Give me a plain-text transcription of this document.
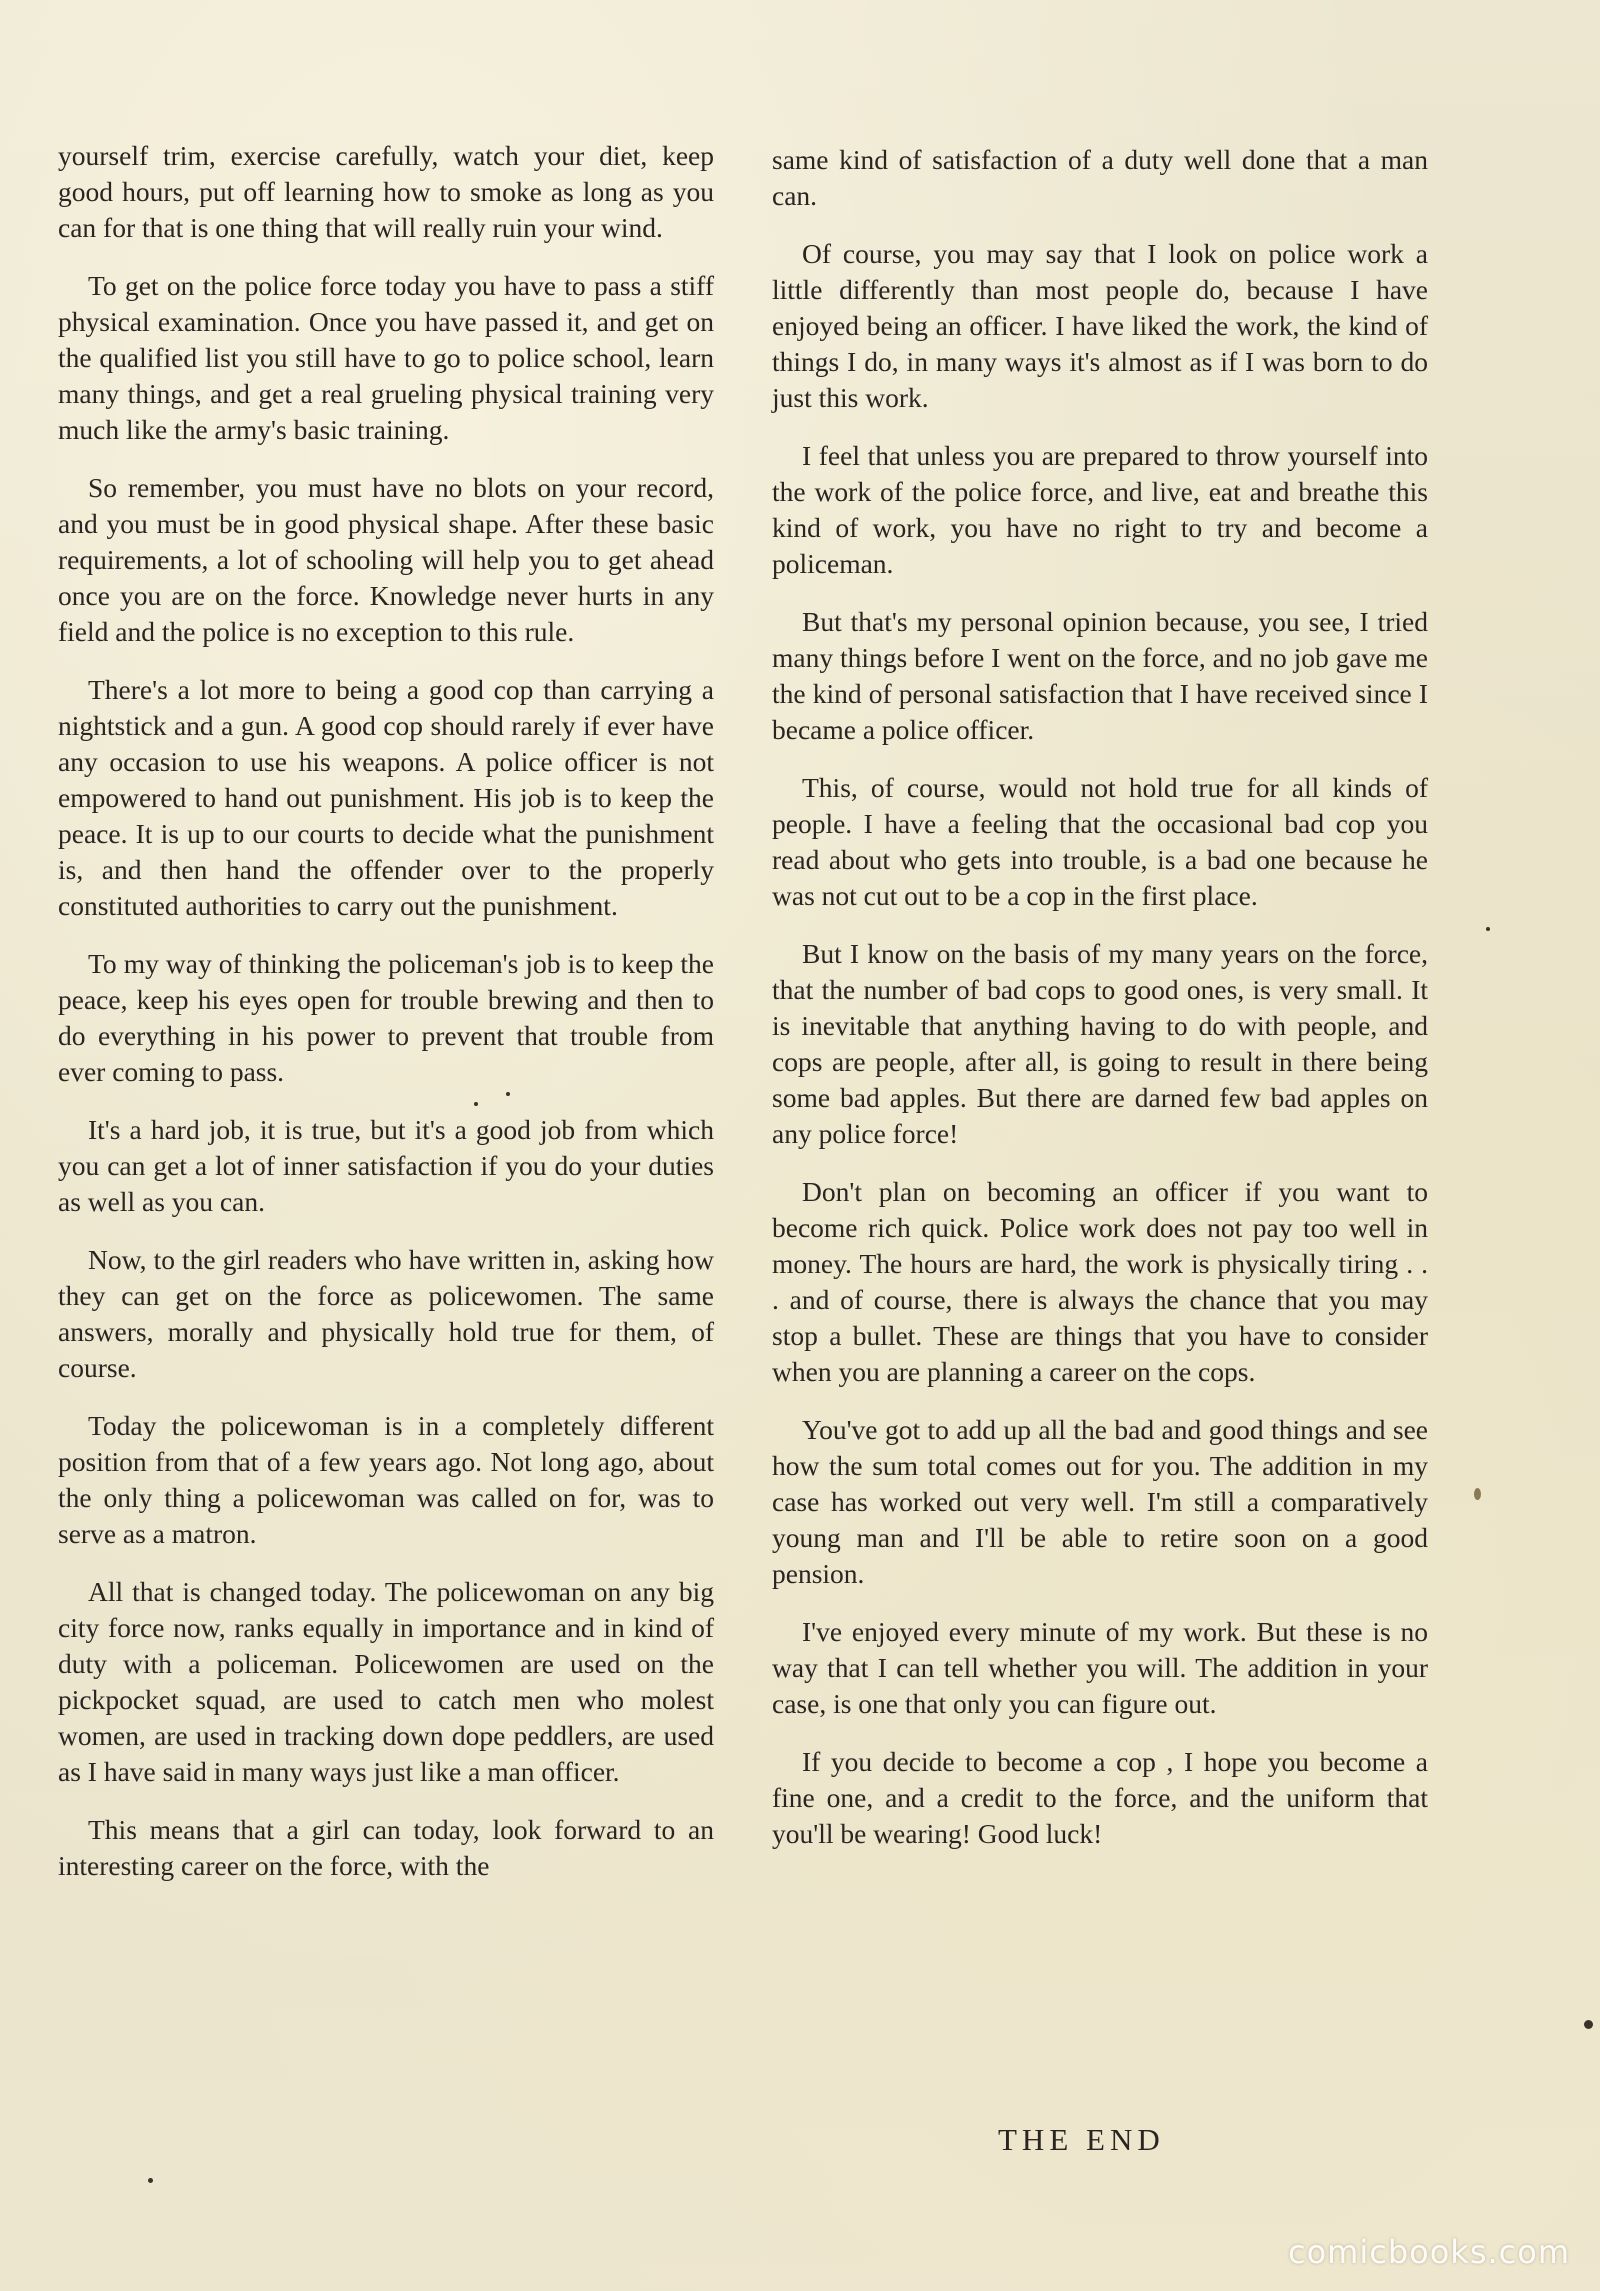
yourself trim, exercise carefully, watch your diet, keep good hours, put off learning how to smoke as long as you can for that is one thing that will really ruin your wind.

To get on the police force today you have to pass a stiff physical examination. Once you have passed it, and get on the qualified list you still have to go to police school, learn many things, and get a real grueling physical training very much like the army's basic training.

So remember, you must have no blots on your record, and you must be in good physical shape. After these basic requirements, a lot of schooling will help you to get ahead once you are on the force. Knowledge never hurts in any field and the police is no exception to this rule.

There's a lot more to being a good cop than carrying a nightstick and a gun. A good cop should rarely if ever have any occasion to use his weapons. A police officer is not empowered to hand out punishment. His job is to keep the peace. It is up to our courts to decide what the punishment is, and then hand the offender over to the properly constituted authorities to carry out the punishment.

To my way of thinking the policeman's job is to keep the peace, keep his eyes open for trouble brewing and then to do everything in his power to prevent that trouble from ever coming to pass.

It's a hard job, it is true, but it's a good job from which you can get a lot of inner satisfaction if you do your duties as well as you can.

Now, to the girl readers who have written in, asking how they can get on the force as policewomen. The same answers, morally and physically hold true for them, of course.

Today the policewoman is in a completely different position from that of a few years ago. Not long ago, about the only thing a policewoman was called on for, was to serve as a matron.

All that is changed today. The policewoman on any big city force now, ranks equally in importance and in kind of duty with a policeman. Policewomen are used on the pickpocket squad, are used to catch men who molest women, are used in tracking down dope peddlers, are used as I have said in many ways just like a man officer.

This means that a girl can today, look forward to an interesting career on the force, with the

same kind of satisfaction of a duty well done that a man can.

Of course, you may say that I look on police work a little differently than most people do, because I have enjoyed being an officer. I have liked the work, the kind of things I do, in many ways it's almost as if I was born to do just this work.

I feel that unless you are prepared to throw yourself into the work of the police force, and live, eat and breathe this kind of work, you have no right to try and become a policeman.

But that's my personal opinion because, you see, I tried many things before I went on the force, and no job gave me the kind of personal satisfaction that I have received since I became a police officer.

This, of course, would not hold true for all kinds of people. I have a feeling that the occasional bad cop you read about who gets into trouble, is a bad one because he was not cut out to be a cop in the first place.

But I know on the basis of my many years on the force, that the number of bad cops to good ones, is very small. It is inevitable that anything having to do with people, and cops are people, after all, is going to result in there being some bad apples. But there are darned few bad apples on any police force!

Don't plan on becoming an officer if you want to become rich quick. Police work does not pay too well in money. The hours are hard, the work is physically tiring . . . and of course, there is always the chance that you may stop a bullet. These are things that you have to consider when you are planning a career on the cops.

You've got to add up all the bad and good things and see how the sum total comes out for you. The addition in my case has worked out very well. I'm still a comparatively young man and I'll be able to retire soon on a good pension.

I've enjoyed every minute of my work. But these is no way that I can tell whether you will. The addition in your case, is one that only you can figure out.

If you decide to become a cop , I hope you become a fine one, and a credit to the force, and the uniform that you'll be wearing! Good luck!

THE END
comicbooks.com
